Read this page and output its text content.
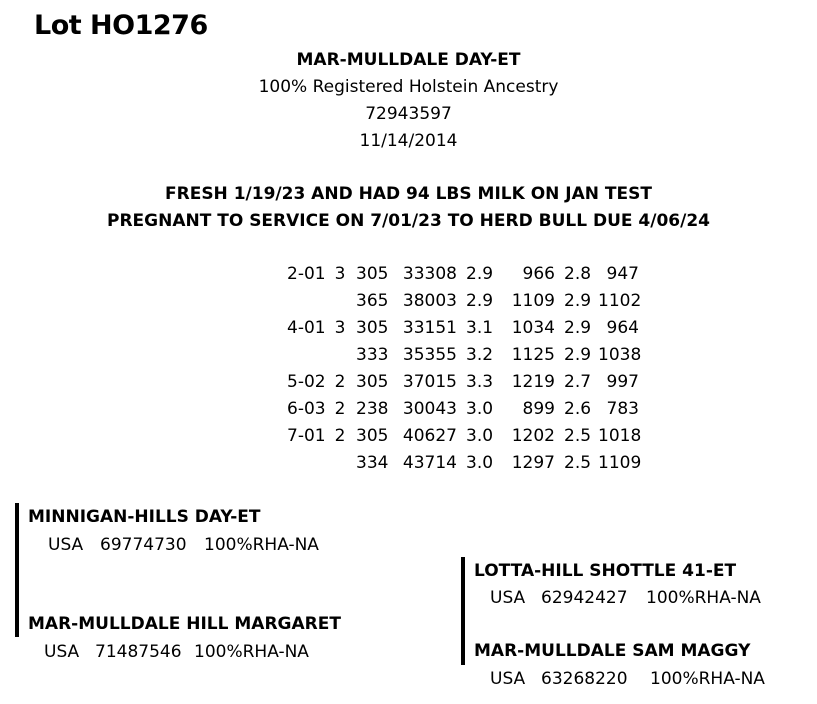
Lot HO1276
MAR-MULLDALE DAY-ET
100% Registered Holstein Ancestry
72943597
11/14/2014
FRESH 1/19/23 AND HAD 94 LBS MILK ON JAN TEST
PREGNANT TO SERVICE ON 7/01/23 TO HERD BULL DUE 4/06/24
2-01 3 305 33308 2.9	966 2.8 947
365 38003 2.9	1109 2.9 1102
4-01 3 305 33151 3.1	1034 2.9 964
333 35355 3.2	1125 2.9 1038
5-02 2 305 37015 3.3	1219 2.7 997
6-03 2 238 30043 3.0	899 2.6 783
7-01 2 305 40627 3.0	1202 2.5 1018
334 43714 3.0	1297 2.5 1109
MINNIGAN-HILLS DAY-ET
USA 69774730 100%RHA-NA
MAR-MULLDALE HILL MARGARET
USA 71487546 100%RHA-NA
LOTTA-HILL SHOTTLE 41-ET
USA 62942427 100%RHA-NA
MAR-MULLDALE SAM MAGGY
USA 63268220 100%RHA-NA
